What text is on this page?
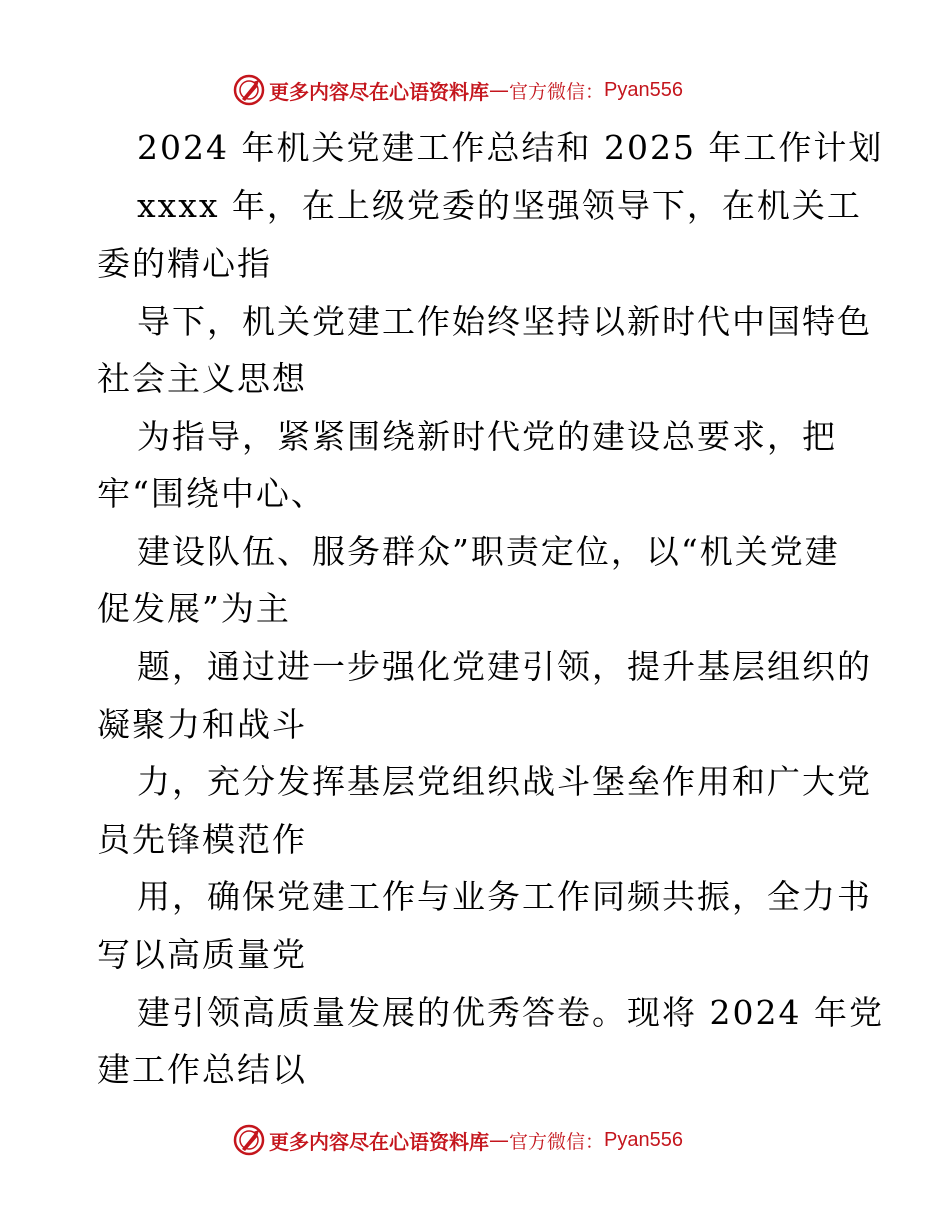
更多内容尽在心语资料库 — 官方微信： Pyan556
2024 年机关党建工作总结和 2025 年工作计划
xxxx 年，在上级党委的坚强领导下，在机关工
委的精心指
导下，机关党建工作始终坚持以新时代中国特色
社会主义思想
为指导，紧紧围绕新时代党的建设总要求，把
牢“围绕中心、
建设队伍、服务群众”职责定位，以“机关党建
促发展”为主
题，通过进一步强化党建引领，提升基层组织的
凝聚力和战斗
力，充分发挥基层党组织战斗堡垒作用和广大党
员先锋模范作
用，确保党建工作与业务工作同频共振，全力书
写以高质量党
建引领高质量发展的优秀答卷。现将 2024 年党
建工作总结以
更多内容尽在心语资料库 — 官方微信： Pyan556
